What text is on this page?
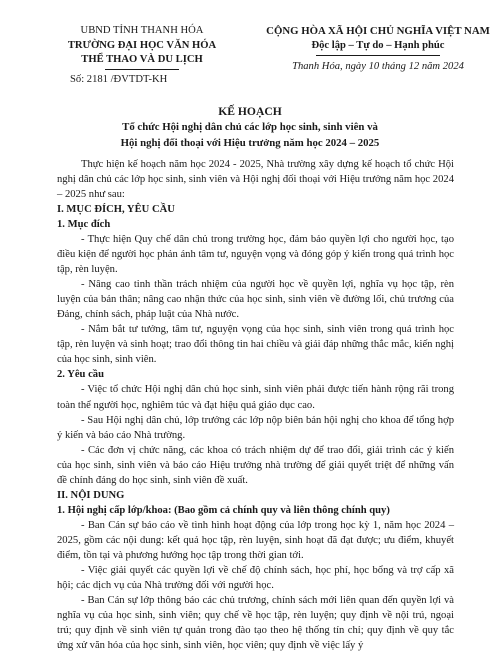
UBND TỈNH THANH HÓA
TRƯỜNG ĐẠI HỌC VĂN HÓA
THỂ THAO VÀ DU LỊCH
Số: 2181 /ĐVTDT-KH
CỘNG HÒA XÃ HỘI CHỦ NGHĨA VIỆT NAM
Độc lập – Tự do – Hạnh phúc
Thanh Hóa, ngày 10 tháng 12 năm 2024
KẾ HOẠCH
Tổ chức Hội nghị dân chủ các lớp học sinh, sinh viên và
Hội nghị đối thoại với Hiệu trưởng năm học 2024 – 2025

Thực hiện kế hoạch năm học 2024 - 2025, Nhà trường xây dựng kế hoạch tổ chức Hội nghị dân chủ các lớp học sinh, sinh viên và Hội nghị đối thoại với Hiệu trưởng năm học 2024 – 2025 như sau:

I. MỤC ĐÍCH, YÊU CẦU

1. Mục đích

- Thực hiện Quy chế dân chủ trong trường học, đảm bảo quyền lợi cho người học, tạo điều kiện để người học phản ánh tâm tư, nguyện vọng và đóng góp ý kiến trong quá trình học tập, rèn luyện.

- Nâng cao tinh thần trách nhiệm của người học về quyền lợi, nghĩa vụ học tập, rèn luyện của bản thân; nâng cao nhận thức của học sinh, sinh viên về đường lối, chủ trương của Đảng, chính sách, pháp luật của Nhà nước.

- Nắm bắt tư tưởng, tâm tư, nguyện vọng của học sinh, sinh viên trong quá trình học tập, rèn luyện và sinh hoạt; trao đổi thông tin hai chiều và giải đáp những thắc mắc, kiến nghị của học sinh, sinh viên.

2. Yêu cầu

- Việc tổ chức Hội nghị dân chủ học sinh, sinh viên phải được tiến hành rộng rãi trong toàn thể người học, nghiêm túc và đạt hiệu quả giáo dục cao.

- Sau Hội nghị dân chủ, lớp trưởng các lớp nộp biên bản hội nghị cho khoa để tổng hợp ý kiến và báo cáo Nhà trường.

- Các đơn vị chức năng, các khoa có trách nhiệm dự để trao đổi, giải trình các ý kiến của học sinh, sinh viên và báo cáo Hiệu trưởng nhà trường để giải quyết triệt để những vấn đề chính đáng do học sinh, sinh viên đề xuất.

II. NỘI DUNG

1. Hội nghị cấp lớp/khoa: (Bao gồm cả chính quy và liên thông chính quy)

- Ban Cán sự báo cáo về tình hình hoạt động của lớp trong học kỳ 1, năm học 2024 – 2025, gồm các nội dung: kết quả học tập, rèn luyện, sinh hoạt đã đạt được; ưu điểm, khuyết điểm, tồn tại và phương hướng học tập trong thời gian tới.

- Việc giải quyết các quyền lợi về chế độ chính sách, học phí, học bổng và trợ cấp xã hội; các dịch vụ của Nhà trường đối với người học.

- Ban Cán sự lớp thông báo các chủ trương, chính sách mới liên quan đến quyền lợi và nghĩa vụ của học sinh, sinh viên; quy chế về học tập, rèn luyện; quy định về nội trú, ngoại trú; quy định về sinh viên tự quản trong đào tạo theo hệ thống tín chỉ; quy định về quy tắc ứng xử văn hóa của học sinh, sinh viên, học viên; quy định về việc lấy ý
